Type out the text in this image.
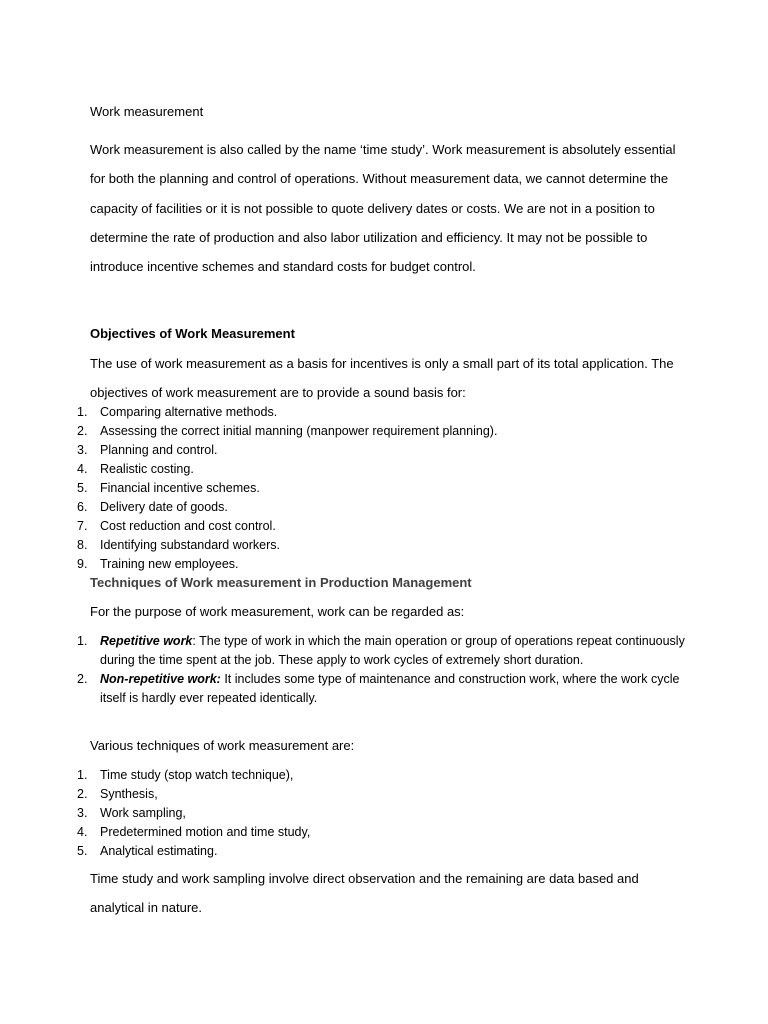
Work measurement
Work measurement is also called by the name ‘time study’. Work measurement is absolutely essential for both the planning and control of operations. Without measurement data, we cannot determine the capacity of facilities or it is not possible to quote delivery dates or costs. We are not in a position to determine the rate of production and also labor utilization and efficiency. It may not be possible to introduce incentive schemes and standard costs for budget control.
Objectives of Work Measurement
The use of work measurement as a basis for incentives is only a small part of its total application. The objectives of work measurement are to provide a sound basis for:
1. Comparing alternative methods.
2. Assessing the correct initial manning (manpower requirement planning).
3. Planning and control.
4. Realistic costing.
5. Financial incentive schemes.
6. Delivery date of goods.
7. Cost reduction and cost control.
8. Identifying substandard workers.
9. Training new employees.
Techniques of Work measurement in Production Management
For the purpose of work measurement, work can be regarded as:
1. Repetitive work: The type of work in which the main operation or group of operations repeat continuously during the time spent at the job. These apply to work cycles of extremely short duration.
2. Non-repetitive work: It includes some type of maintenance and construction work, where the work cycle itself is hardly ever repeated identically.
Various techniques of work measurement are:
1. Time study (stop watch technique),
2. Synthesis,
3. Work sampling,
4. Predetermined motion and time study,
5. Analytical estimating.
Time study and work sampling involve direct observation and the remaining are data based and analytical in nature.
